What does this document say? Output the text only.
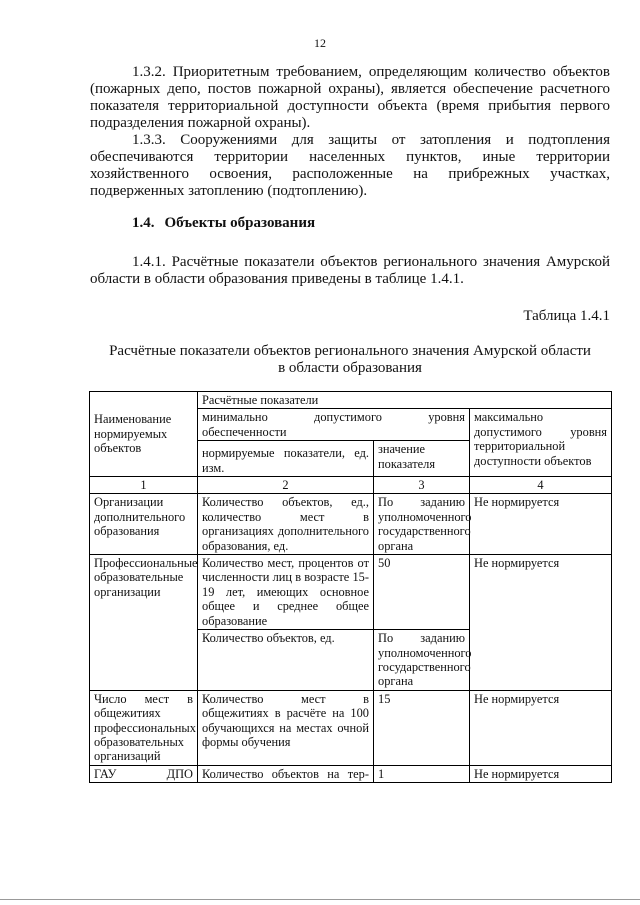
12

1.3.2. Приоритетным требованием, определяющим количество объектов (пожарных депо, постов пожарной охраны), является обеспечение расчетного показателя территориальной доступности объекта (время прибытия первого подразделения пожарной охраны).

1.3.3. Сооружениями для защиты от затопления и подтопления обеспечиваются территории населенных пунктов, иные территории хозяйственного освоения, расположенные на прибрежных участках, подверженных затоплению (подтоплению).

1.4. Объекты образования

1.4.1. Расчётные показатели объектов регионального значения Амурской области в области образования приведены в таблице 1.4.1.

Таблица 1.4.1
Расчётные показатели объектов регионального значения Амурской области
в области образования
Наименование нормируемых объектов	Расчётные показатели		
	минимально допустимого уровня обеспеченности		максимально допустимого уровня территориальной доступности объектов
	нормируемые показатели, ед. изм.	значение показателя	
1	2	3	4
Организации дополнительного образования	Количество объектов, ед., количество мест в организациях дополнительного образования, ед.	По заданию уполномоченного государственного органа	Не нормируется
Профессиональные образовательные организации	Количество мест, процентов от численности лиц в возрасте 15-19 лет, имеющих основное общее и среднее общее образование	50	Не нормируется
	Количество объектов, ед.	По заданию уполномоченного государственного органа	
Число мест в общежитиях профессиональных образовательных организаций	Количество мест в общежитиях в расчёте на 100 обучающихся на местах очной формы обучения	15	Не нормируется
ГАУ ДПО	Количество объектов на тер-	1	Не нормируется
